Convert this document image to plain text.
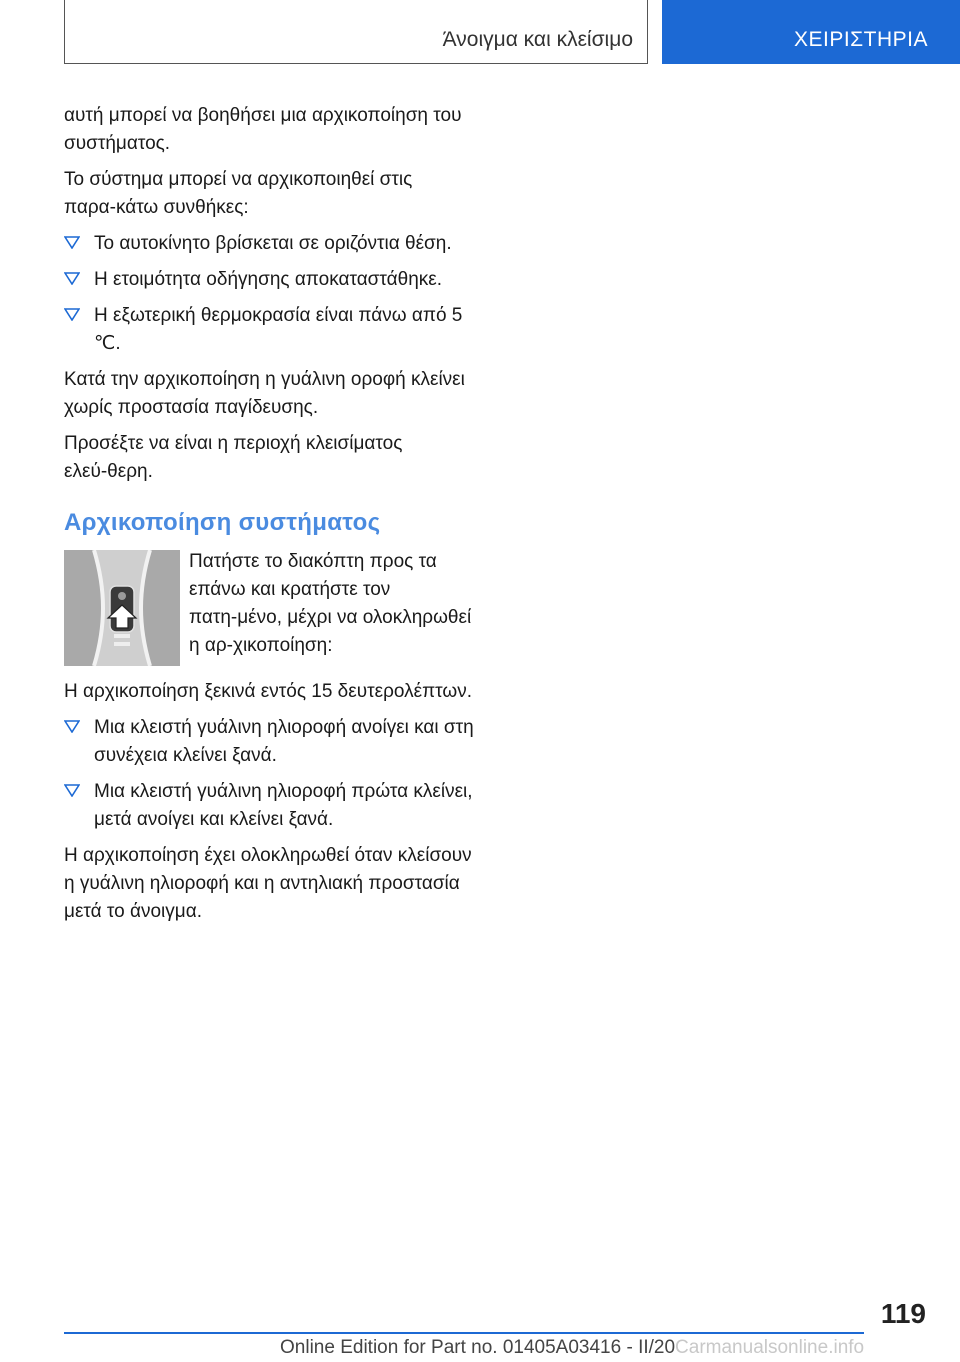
Άνοιγμα και κλείσιμο	ΧΕΙΡΙΣΤΗΡΙΑ

αυτή μπορεί να βοηθήσει μια αρχικοποίηση του συστήματος.

Το σύστημα μπορεί να αρχικοποιηθεί στις παρα‑κάτω συνθήκες:

Το αυτοκίνητο βρίσκεται σε οριζόντια θέση.
Η ετοιμότητα οδήγησης αποκαταστάθηκε.
Η εξωτερική θερμοκρασία είναι πάνω από 5 ℃.

Κατά την αρχικοποίηση η γυάλινη οροφή κλείνει χωρίς προστασία παγίδευσης.

Προσέξτε να είναι η περιοχή κλεισίματος ελεύ‑θερη.

Αρχικοποίηση συστήματος
Πατήστε το διακόπτη προς τα επάνω και κρατήστε τον πατη‑μένο, μέχρι να ολοκληρωθεί η αρ‑χικοποίηση:

Η αρχικοποίηση ξεκινά εντός 15 δευτερολέπτων.

Μια κλειστή γυάλινη ηλιοροφή ανοίγει και στη συνέχεια κλείνει ξανά.
Μια κλειστή γυάλινη ηλιοροφή πρώτα κλείνει, μετά ανοίγει και κλείνει ξανά.

Η αρχικοποίηση έχει ολοκληρωθεί όταν κλείσουν η γυάλινη ηλιοροφή και η αντηλιακή προστασία μετά το άνοιγμα.

119
Online Edition for Part no. 01405A03416 - II/20Carmanualsonline.info
